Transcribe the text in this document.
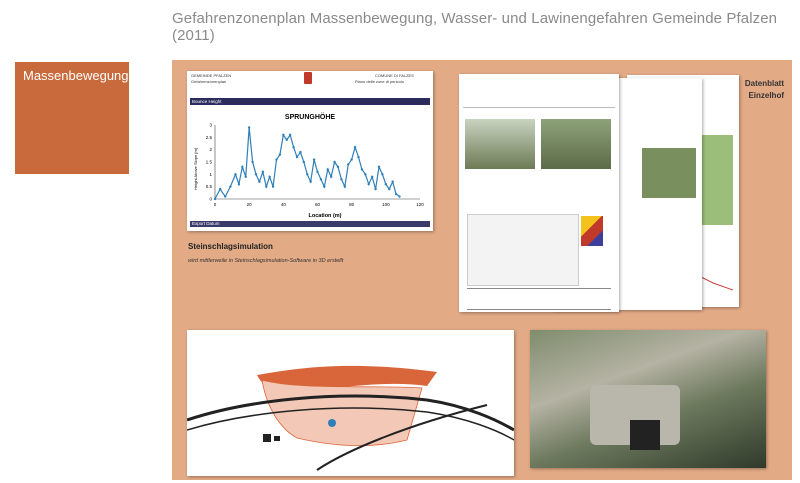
Gefahrenzonenplan Massenbewegung, Wasser- und Lawinengefahren Gemeinde Pfalzen (2011)
Massenbewegung	GEMEINDE PFALZEN
Gefahrenzonenplan
COMUNE DI FALZES
Piano delle zone di pericolo
Bounce Height
SPRUNGHÖHE
Location (m)
Height Above Slope [m]
0	20	40	60	80	100	120
0
0.5
1
1.5
2
2.5
3
Export Datum
Steinschlagsimulation
wird mittlerweile in Steinschlagsimulation-Software in 3D erstellt
Datenblatt
Einzelhof
